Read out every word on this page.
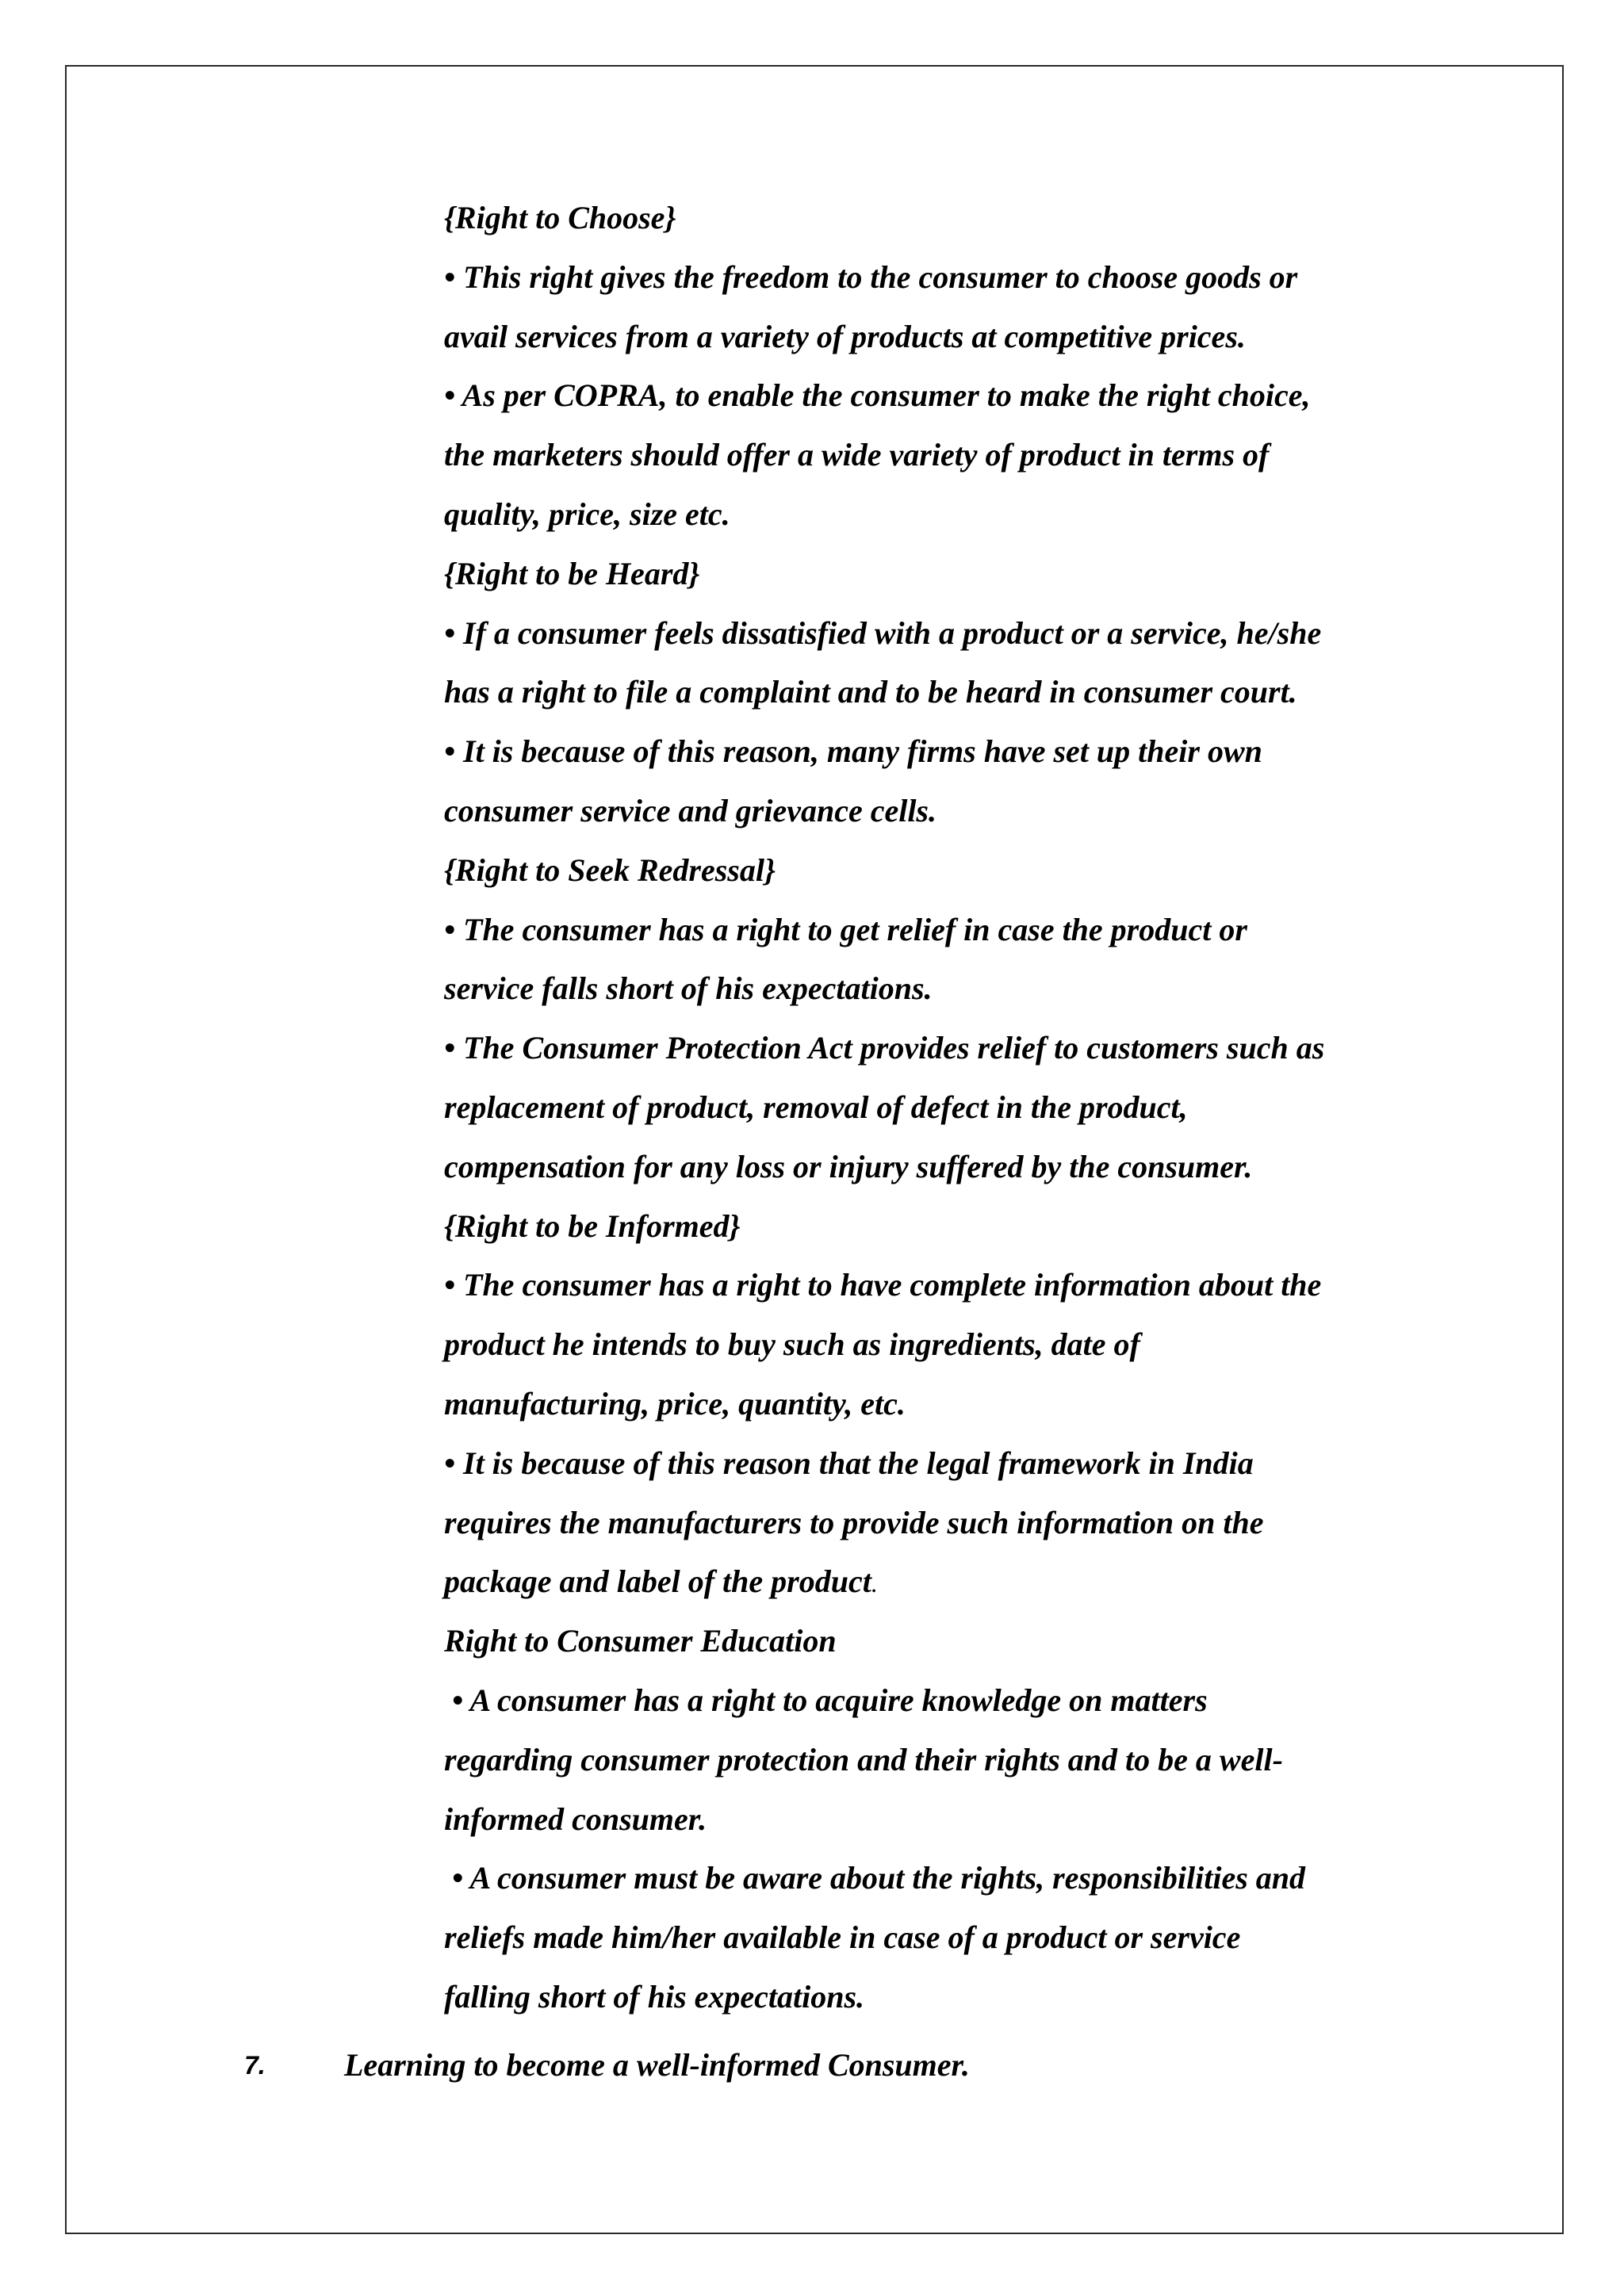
{Right to Choose}
• This right gives the freedom to the consumer to choose goods or
avail services from a variety of products at competitive prices.
• As per COPRA, to enable the consumer to make the right choice,
the marketers should offer a wide variety of product in terms of
quality, price, size etc.
{Right to be Heard}
• If a consumer feels dissatisfied with a product or a service, he/she
has a right to file a complaint and to be heard in consumer court.
• It is because of this reason, many firms have set up their own
consumer service and grievance cells.
{Right to Seek Redressal}
• The consumer has a right to get relief in case the product or
service falls short of his expectations.
• The Consumer Protection Act provides relief to customers such as
replacement of product, removal of defect in the product,
compensation for any loss or injury suffered by the consumer.
{Right to be Informed}
• The consumer has a right to have complete information about the
product he intends to buy such as ingredients, date of
manufacturing, price, quantity, etc.
• It is because of this reason that the legal framework in India
requires the manufacturers to provide such information on the
package and label of the product.
Right to Consumer Education
• A consumer has a right to acquire knowledge on matters
regarding consumer protection and their rights and to be a well-
informed consumer.
• A consumer must be aware about the rights, responsibilities and
reliefs made him/her available in case of a product or service
falling short of his expectations.
7. Learning to become a well-informed Consumer.
